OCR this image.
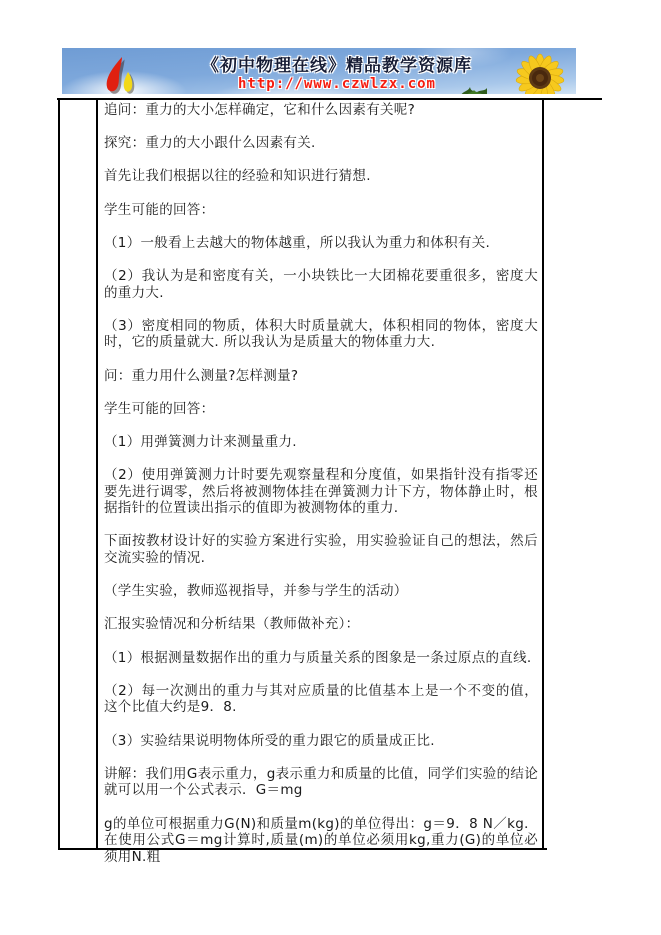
《初中物理在线》精品教学资源库
http://www.czwlzx.com

追问：重力的大小怎样确定，它和什么因素有关呢?

探究：重力的大小跟什么因素有关.

首先让我们根据以往的经验和知识进行猜想.

学生可能的回答：

（1）一般看上去越大的物体越重，所以我认为重力和体积有关.

（2）我认为是和密度有关，一小块铁比一大团棉花要重很多，密度大的重力大.

（3）密度相同的物质，体积大时质量就大，体积相同的物体，密度大时，它的质量就大. 所以我认为是质量大的物体重力大.

问：重力用什么测量?怎样测量?

学生可能的回答：

（1）用弹簧测力计来测量重力.

（2）使用弹簧测力计时要先观察量程和分度值，如果指针没有指零还要先进行调零，然后将被测物体挂在弹簧测力计下方，物体静止时，根据指针的位置读出指示的值即为被测物体的重力.

下面按教材设计好的实验方案进行实验，用实验验证自己的想法，然后交流实验的情况.

（学生实验，教师巡视指导，并参与学生的活动）

汇报实验情况和分析结果（教师做补充）：

（1）根据测量数据作出的重力与质量关系的图象是一条过原点的直线.

（2）每一次测出的重力与其对应质量的比值基本上是一个不变的值，这个比值大约是9．8.

（3）实验结果说明物体所受的重力跟它的质量成正比.

讲解：我们用G表示重力，g表示重力和质量的比值，同学们实验的结论就可以用一个公式表示．G＝mg

g的单位可根据重力G(N)和质量m(kg)的单位得出：g＝9．8 N／kg．在使用公式G＝mg计算时,质量(m)的单位必须用kg,重力(G)的单位必须用N.粗
